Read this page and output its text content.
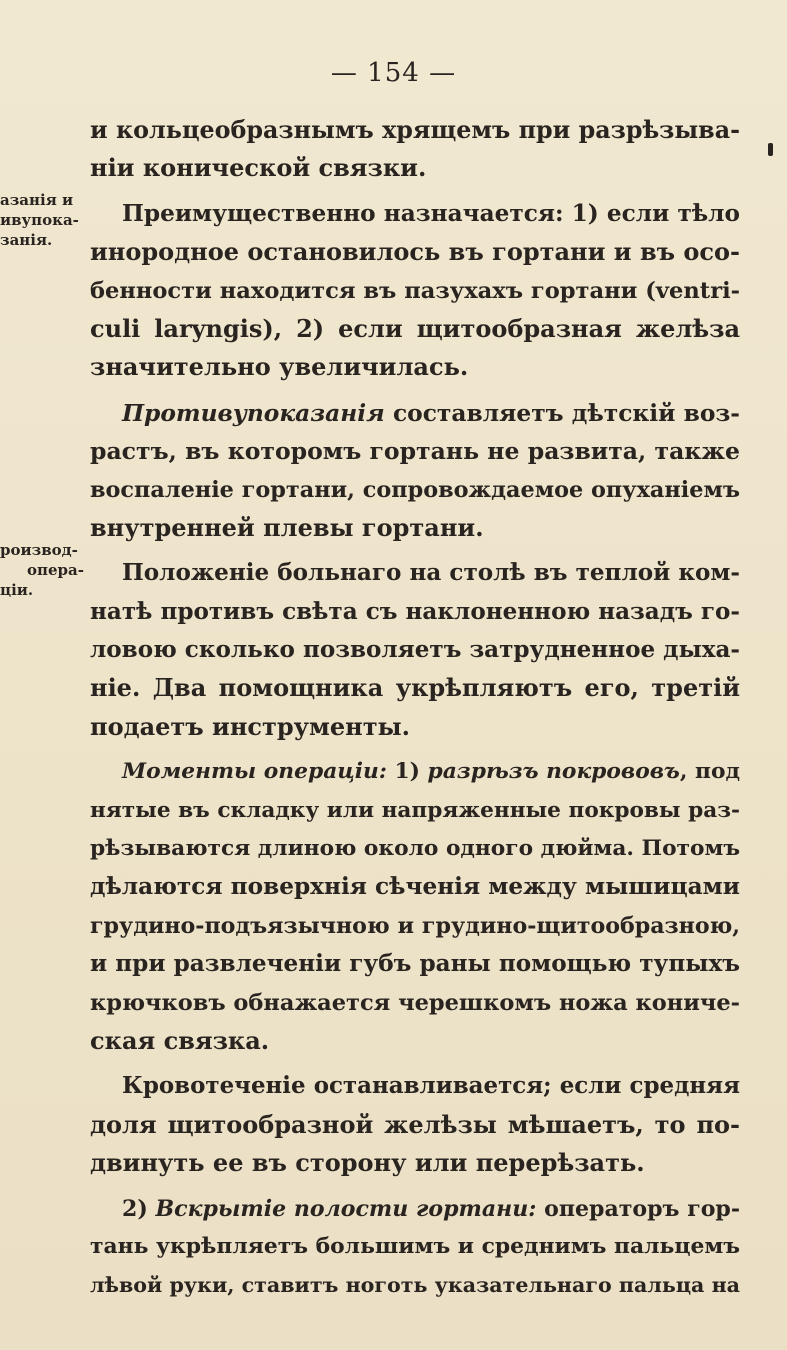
— 154 —
азанія и
ивупока-
занія.
роизвод-
опера-
ціи.
и кольцеобразнымъ хрящемъ при разрѣзыва-
ніи конической связки.
Преимущественно назначается: 1) если тѣло
инородное остановилось въ гортани и въ осо-
бенности находится въ пазухахъ гортани (ventri-
culi laryngis), 2) если щитообразная желѣза
значительно увеличилась.
Противупоказанія составляетъ дѣтскій воз-
растъ, въ которомъ гортань не развита, также
воспаленіе гортани, сопровождаемое опуханіемъ
внутренней плевы гортани.
Положеніе больнаго на столѣ въ теплой ком-
натѣ противъ свѣта съ наклоненною назадъ го-
ловою сколько позволяетъ затрудненное дыха-
ніе. Два помощника укрѣпляютъ его, третій
подаетъ инструменты.
Моменты операціи: 1) разрѣзъ покрововъ, под
нятые въ складку или напряженные покровы раз-
рѣзываются длиною около одного дюйма. Потомъ
дѣлаются поверхнія сѣченія между мышицами
грудино-подъязычною и грудино-щитообразною,
и при развлеченіи губъ раны помощью тупыхъ
крючковъ обнажается черешкомъ ножа кониче-
ская связка.
Кровотеченіе останавливается; если средняя
доля щитообразной желѣзы мѣшаетъ, то по-
двинуть ее въ сторону или перерѣзать.
2) Вскрытіе полости гортани: операторъ гор-
тань укрѣпляетъ большимъ и среднимъ пальцемъ
лѣвой руки, ставитъ ноготь указательнаго пальца на
